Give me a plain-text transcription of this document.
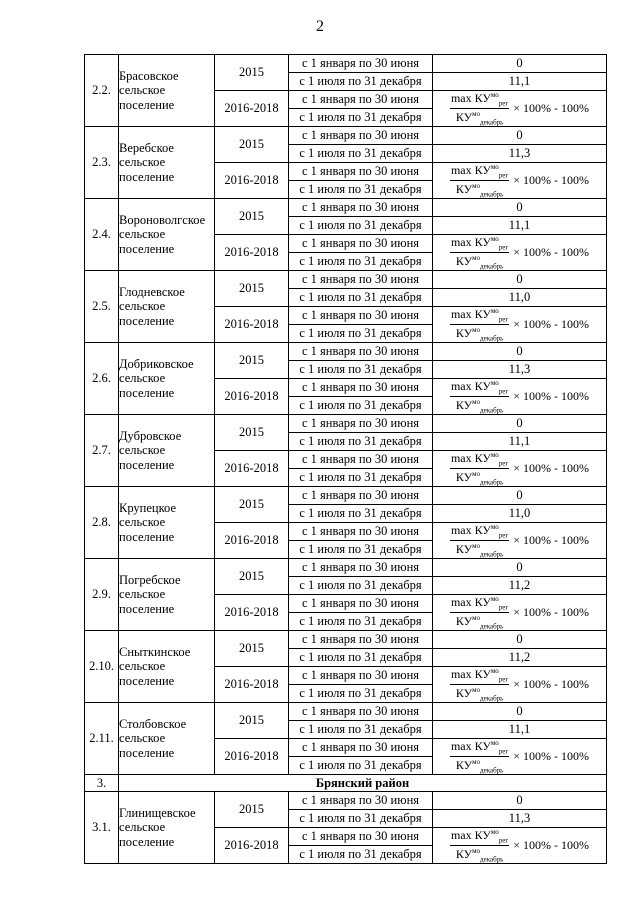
2
2.2.	Брасовское сельское поселение	2015	с 1 января по 30 июня	0
			с 1 июля по 31 декабря	11,1
		2016-2018	с 1 января по 30 июня	$\frac{\max КУ^{мо}_{рег}}{КУ^{мо}_{декабрь}} \times 100\% - 100\%$

			с 1 июля по 31 декабря	
2.3.	Веребское сельское поселение	2015	с 1 января по 30 июня	0
			с 1 июля по 31 декабря	11,3
		2016-2018	с 1 января по 30 июня	$\frac{\max КУ^{мо}_{рег}}{КУ^{мо}_{декабрь}} \times 100\% - 100\%$

			с 1 июля по 31 декабря	
2.4.	Вороноволгское сельское поселение	2015	с 1 января по 30 июня	0
			с 1 июля по 31 декабря	11,1
		2016-2018	с 1 января по 30 июня	$\frac{\max КУ^{мо}_{рег}}{КУ^{мо}_{декабрь}} \times 100\% - 100\%$

			с 1 июля по 31 декабря	
2.5.	Глодневское сельское поселение	2015	с 1 января по 30 июня	0
			с 1 июля по 31 декабря	11,0
		2016-2018	с 1 января по 30 июня	$\frac{\max КУ^{мо}_{рег}}{КУ^{мо}_{декабрь}} \times 100\% - 100\%$

			с 1 июля по 31 декабря	
2.6.	Добриковское сельское поселение	2015	с 1 января по 30 июня	0
			с 1 июля по 31 декабря	11,3
		2016-2018	с 1 января по 30 июня	$\frac{\max КУ^{мо}_{рег}}{КУ^{мо}_{декабрь}} \times 100\% - 100\%$

			с 1 июля по 31 декабря	
2.7.	Дубровское сельское поселение	2015	с 1 января по 30 июня	0
			с 1 июля по 31 декабря	11,1
		2016-2018	с 1 января по 30 июня	$\frac{\max КУ^{мо}_{рег}}{КУ^{мо}_{декабрь}} \times 100\% - 100\%$

			с 1 июля по 31 декабря	
2.8.	Крупецкое сельское поселение	2015	с 1 января по 30 июня	0
			с 1 июля по 31 декабря	11,0
		2016-2018	с 1 января по 30 июня	$\frac{\max КУ^{мо}_{рег}}{КУ^{мо}_{декабрь}} \times 100\% - 100\%$

			с 1 июля по 31 декабря	
2.9.	Погребское сельское поселение	2015	с 1 января по 30 июня	0
			с 1 июля по 31 декабря	11,2
		2016-2018	с 1 января по 30 июня	$\frac{\max КУ^{мо}_{рег}}{КУ^{мо}_{декабрь}} \times 100\% - 100\%$

			с 1 июля по 31 декабря	
2.10.	Сныткинское сельское поселение	2015	с 1 января по 30 июня	0
			с 1 июля по 31 декабря	11,2
		2016-2018	с 1 января по 30 июня	$\frac{\max КУ^{мо}_{рег}}{КУ^{мо}_{декабрь}} \times 100\% - 100\%$

			с 1 июля по 31 декабря	
2.11.	Столбовское сельское поселение	2015	с 1 января по 30 июня	0
			с 1 июля по 31 декабря	11,1
		2016-2018	с 1 января по 30 июня	$\frac{\max КУ^{мо}_{рег}}{КУ^{мо}_{декабрь}} \times 100\% - 100\%$

			с 1 июля по 31 декабря	
3.	Брянский район			
3.1.	Глинищевское сельское поселение	2015	с 1 января по 30 июня	0
			с 1 июля по 31 декабря	11,3
		2016-2018	с 1 января по 30 июня	$\frac{\max КУ^{мо}_{рег}}{КУ^{мо}_{декабрь}} \times 100\% - 100\%$

			с 1 июля по 31 декабря	
